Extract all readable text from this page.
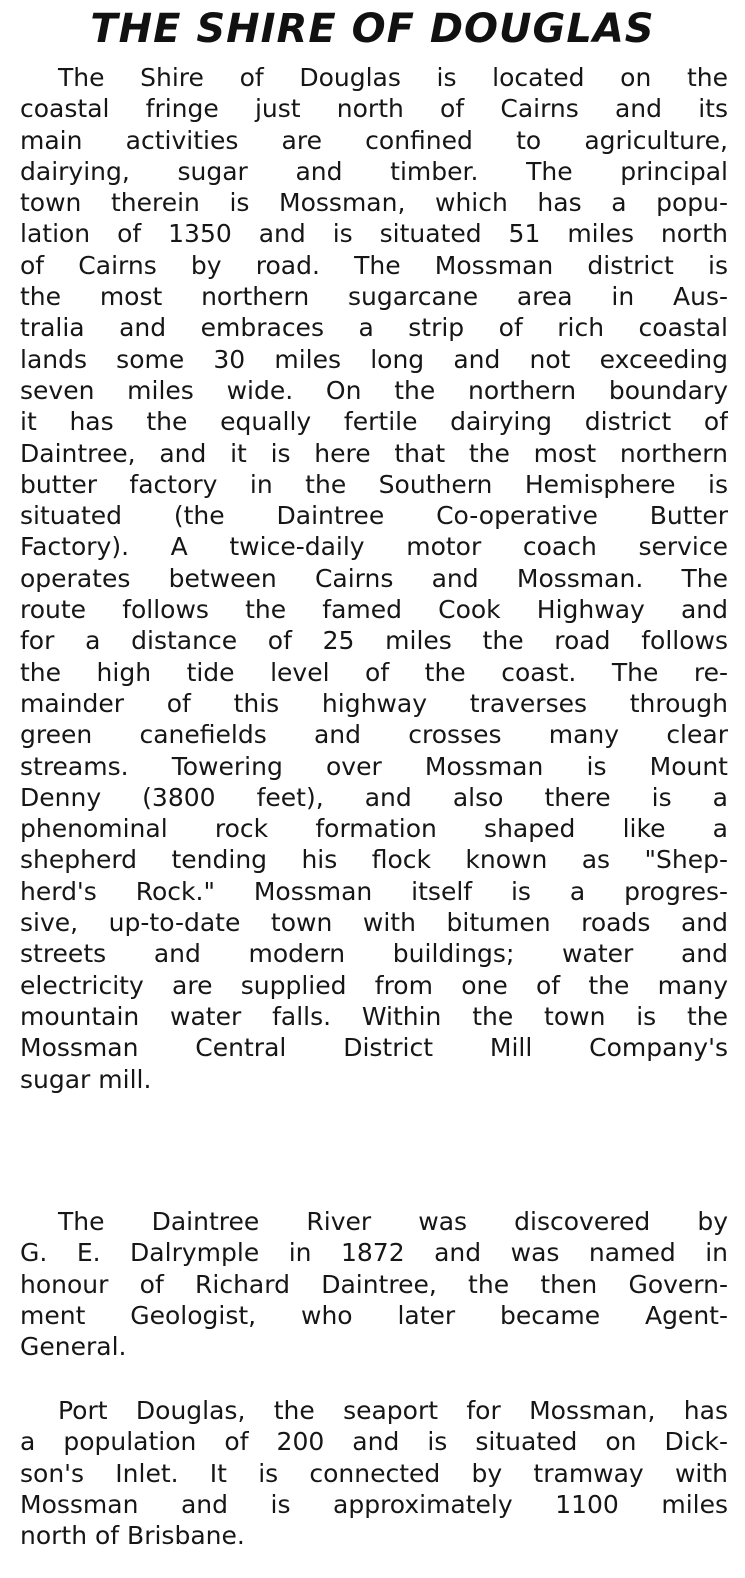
THE SHIRE OF DOUGLAS
The Shire of Douglas is located on the
coastal fringe just north of Cairns and its
main activities are confined to agriculture,
dairying, sugar and timber. The principal
town therein is Mossman, which has a popu-
lation of 1350 and is situated 51 miles north
of Cairns by road. The Mossman district is
the most northern sugarcane area in Aus-
tralia and embraces a strip of rich coastal
lands some 30 miles long and not exceeding
seven miles wide. On the northern boundary
it has the equally fertile dairying district of
Daintree, and it is here that the most northern
butter factory in the Southern Hemisphere is
situated (the Daintree Co-operative Butter
Factory). A twice-daily motor coach service
operates between Cairns and Mossman. The
route follows the famed Cook Highway and
for a distance of 25 miles the road follows
the high tide level of the coast. The re-
mainder of this highway traverses through
green canefields and crosses many clear
streams. Towering over Mossman is Mount
Denny (3800 feet), and also there is a
phenominal rock formation shaped like a
shepherd tending his flock known as "Shep-
herd's Rock." Mossman itself is a progres-
sive, up-to-date town with bitumen roads and
streets and modern buildings; water and
electricity are supplied from one of the many
mountain water falls. Within the town is the
Mossman Central District Mill Company's
sugar mill.
The Daintree River was discovered by
G. E. Dalrymple in 1872 and was named in
honour of Richard Daintree, the then Govern-
ment Geologist, who later became Agent-
General.
Port Douglas, the seaport for Mossman, has
a population of 200 and is situated on Dick-
son's Inlet. It is connected by tramway with
Mossman and is approximately 1100 miles
north of Brisbane.
